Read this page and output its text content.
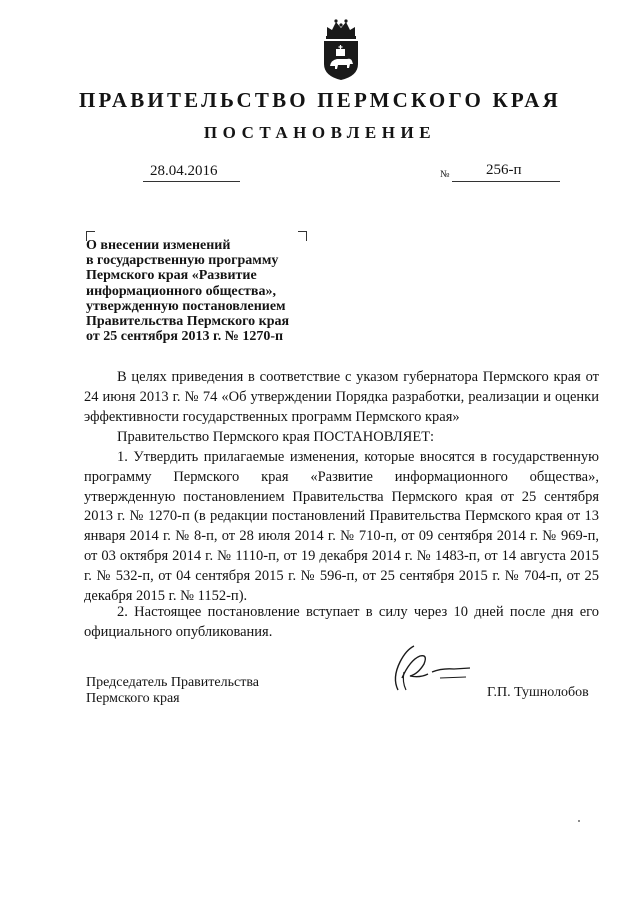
ПРАВИТЕЛЬСТВО ПЕРМСКОГО КРАЯ
ПОСТАНОВЛЕНИЕ
28.04.2016	№ 256-п
О внесении изменений
в государственную программу
Пермского края «Развитие
информационного общества»,
утвержденную постановлением
Правительства Пермского края
от 25 сентября 2013 г. № 1270-п
В целях приведения в соответствие с указом губернатора Пермского края от 24 июня 2013 г. № 74 «Об утверждении Порядка разработки, реализации и оценки эффективности государственных программ Пермского края»
Правительство Пермского края ПОСТАНОВЛЯЕТ:
1. Утвердить прилагаемые изменения, которые вносятся в государственную программу Пермского края «Развитие информационного общества», утвержденную постановлением Правительства Пермского края от 25 сентября 2013 г. № 1270-п (в редакции постановлений Правительства Пермского края от 13 января 2014 г. № 8-п, от 28 июля 2014 г. № 710-п, от 09 сентября 2014 г. № 969-п, от 03 октября 2014 г. № 1110-п, от 19 декабря 2014 г. № 1483-п, от 14 августа 2015 г. № 532-п, от 04 сентября 2015 г. № 596-п, от 25 сентября 2015 г. № 704-п, от 25 декабря 2015 г. № 1152-п).
2. Настоящее постановление вступает в силу через 10 дней после дня его официального опубликования.
Председатель Правительства
Пермского края	Г.П. Тушнолобов
